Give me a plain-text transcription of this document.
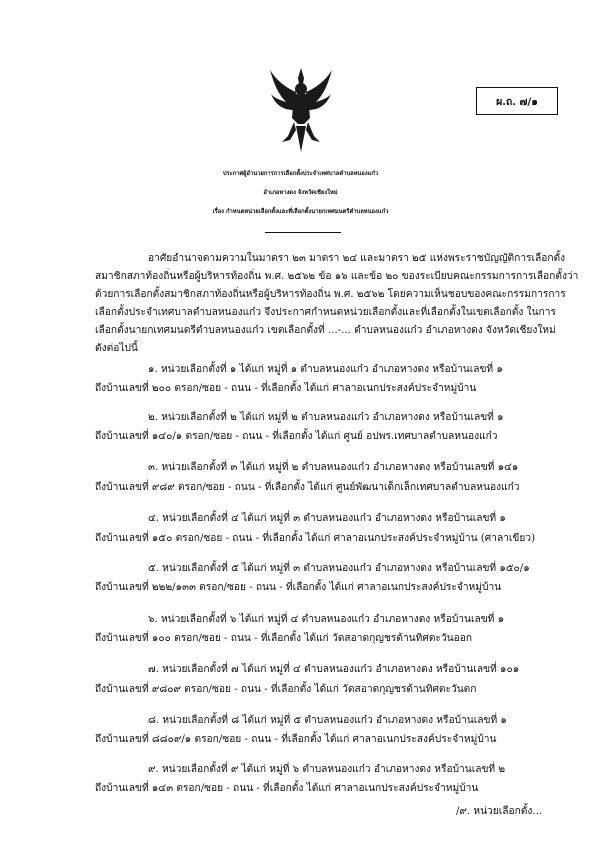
ผ.ถ. ๗/๑
ประกาศผู้อำนวยการการเลือกตั้งประจำเทศบาลตำบลหนองแก๋ว
อำเภอหางดง จังหวัดเชียงใหม่
เรื่อง กำหนดหน่วยเลือกตั้งและที่เลือกตั้งนายกเทศมนตรีตำบลหนองแก๋ว
อาศัยอำนาจตามความในมาตรา ๒๓ มาตรา ๒๔ และมาตรา ๒๕ แห่งพระราชบัญญัติการเลือกตั้ง
สมาชิกสภาท้องถิ่นหรือผู้บริหารท้องถิ่น พ.ศ. ๒๕๖๒ ข้อ ๑๖ และข้อ ๒๐ ของระเบียบคณะกรรมการการเลือกตั้งว่า
ด้วยการเลือกตั้งสมาชิกสภาท้องถิ่นหรือผู้บริหารท้องถิ่น พ.ศ. ๒๕๖๒ โดยความเห็นชอบของคณะกรรมการการ
เลือกตั้งประจำเทศบาลตำบลหนองแก๋ว จึงประกาศกำหนดหน่วยเลือกตั้งและที่เลือกตั้งในเขตเลือกตั้ง ในการ
เลือกตั้งนายกเทศมนตรีตำบลหนองแก๋ว เขตเลือกตั้งที่ ...-... ตำบลหนองแก๋ว อำเภอหางดง จังหวัดเชียงใหม่
ดังต่อไปนี้
๑. หน่วยเลือกตั้งที่ ๑ ได้แก่ หมู่ที่ ๑ ตำบลหนองแก๋ว อำเภอหางดง หรือบ้านเลขที่ ๑
ถึงบ้านเลขที่ ๒๐๐ ตรอก/ซอย - ถนน - ที่เลือกตั้ง ได้แก่ ศาลาอเนกประสงค์ประจำหมู่บ้าน
๒. หน่วยเลือกตั้งที่ ๒ ได้แก่ หมู่ที่ ๒ ตำบลหนองแก๋ว อำเภอหางดง หรือบ้านเลขที่ ๑
ถึงบ้านเลขที่ ๑๔๐/๑ ตรอก/ซอย - ถนน - ที่เลือกตั้ง ได้แก่ ศูนย์ อปพร.เทศบาลตำบลหนองแก๋ว
๓. หน่วยเลือกตั้งที่ ๓ ได้แก่ หมู่ที่ ๒ ตำบลหนองแก๋ว อำเภอหางดง หรือบ้านเลขที่ ๑๔๑
ถึงบ้านเลขที่ ๙๘๙ ตรอก/ซอย - ถนน - ที่เลือกตั้ง ได้แก่ ศูนย์พัฒนาเด็กเล็กเทศบาลตำบลหนองแก๋ว
๔. หน่วยเลือกตั้งที่ ๔ ได้แก่ หมู่ที่ ๓ ตำบลหนองแก๋ว อำเภอหางดง หรือบ้านเลขที่ ๑
ถึงบ้านเลขที่ ๑๕๐ ตรอก/ซอย - ถนน - ที่เลือกตั้ง ได้แก่ ศาลาอเนกประสงค์ประจำหมู่บ้าน (ศาลาเขียว)
๕. หน่วยเลือกตั้งที่ ๕ ได้แก่ หมู่ที่ ๓ ตำบลหนองแก๋ว อำเภอหางดง หรือบ้านเลขที่ ๑๕๐/๑
ถึงบ้านเลขที่ ๒๒๒/๑๓๓ ตรอก/ซอย - ถนน - ที่เลือกตั้ง ได้แก่ ศาลาอเนกประสงค์ประจำหมู่บ้าน
๖. หน่วยเลือกตั้งที่ ๖ ได้แก่ หมู่ที่ ๔ ตำบลหนองแก๋ว อำเภอหางดง หรือบ้านเลขที่ ๑
ถึงบ้านเลขที่ ๑๐๐ ตรอก/ซอย - ถนน - ที่เลือกตั้ง ได้แก่ วัดสอาดกุญชรด้านทิศตะวันออก
๗. หน่วยเลือกตั้งที่ ๗ ได้แก่ หมู่ที่ ๔ ตำบลหนองแก๋ว อำเภอหางดง หรือบ้านเลขที่ ๑๐๑
ถึงบ้านเลขที่ ๙๘๐๙ ตรอก/ซอย - ถนน - ที่เลือกตั้ง ได้แก่ วัดสอาดกุญชรด้านทิศตะวันตก
๘. หน่วยเลือกตั้งที่ ๘ ได้แก่ หมู่ที่ ๕ ตำบลหนองแก๋ว อำเภอหางดง หรือบ้านเลขที่ ๑
ถึงบ้านเลขที่ ๘๘๐๙/๑ ตรอก/ซอย - ถนน - ที่เลือกตั้ง ได้แก่ ศาลาอเนกประสงค์ประจำหมู่บ้าน
๙. หน่วยเลือกตั้งที่ ๙ ได้แก่ หมู่ที่ ๖ ตำบลหนองแก๋ว อำเภอหางดง หรือบ้านเลขที่ ๒
ถึงบ้านเลขที่ ๑๔๓ ตรอก/ซอย - ถนน - ที่เลือกตั้ง ได้แก่ ศาลาอเนกประสงค์ประจำหมู่บ้าน
/๙. หน่วยเลือกตั้ง...
